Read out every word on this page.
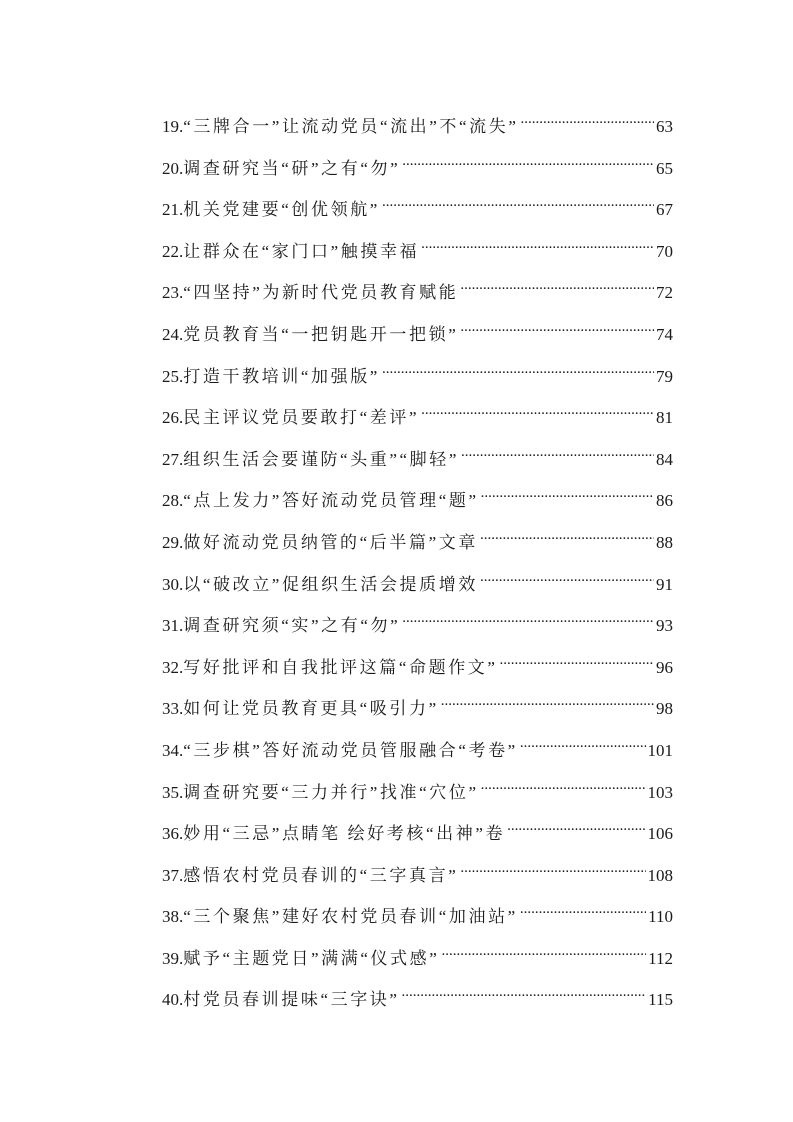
19. “三牌合一”让流动党员“流出”不“流失” .....	63
20. 调查研究当“研”之有“勿” .....	65
21. 机关党建要“创优领航” .....	67
22. 让群众在“家门口”触摸幸福 .....	70
23. “四坚持”为新时代党员教育赋能 .....	72
24. 党员教育当“一把钥匙开一把锁” .....	74
25. 打造干教培训“加强版” .....	79
26. 民主评议党员要敢打“差评” .....	81
27. 组织生活会要谨防“头重”“脚轻” .....	84
28. “点上发力”答好流动党员管理“题” .....	86
29. 做好流动党员纳管的“后半篇”文章 .....	88
30. 以“破改立”促组织生活会提质增效 .....	91
31. 调查研究须“实”之有“勿” .....	93
32. 写好批评和自我批评这篇“命题作文” .....	96
33. 如何让党员教育更具“吸引力” .....	98
34. “三步棋”答好流动党员管服融合“考卷” .....	101
35. 调查研究要“三力并行”找准“穴位” .....	103
36. 妙用“三忌”点睛笔 绘好考核“出神”卷 .....	106
37. 感悟农村党员春训的“三字真言” .....	108
38. “三个聚焦”建好农村党员春训“加油站” .....	110
39. 赋予“主题党日”满满“仪式感” .....	112
40. 村党员春训提味“三字诀” .....	115
